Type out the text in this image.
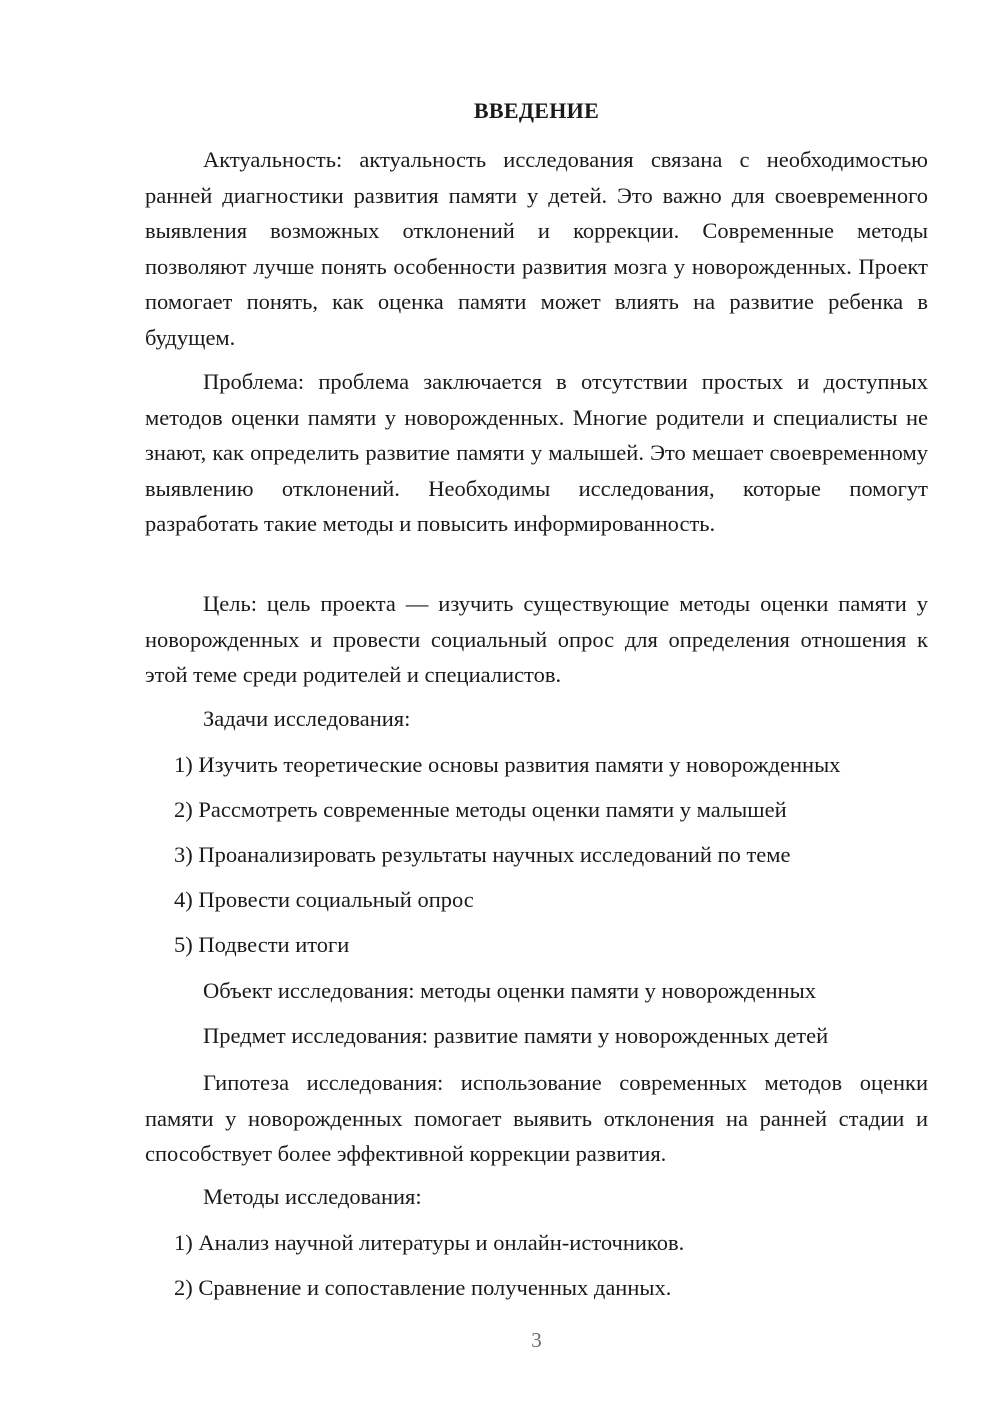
ВВЕДЕНИЕ

Актуальность: актуальность исследования связана с необходимостью ранней диагностики развития памяти у детей. Это важно для своевременного выявления возможных отклонений и коррекции. Современные методы позволяют лучше понять особенности развития мозга у новорожденных. Проект помогает понять, как оценка памяти может влиять на развитие ребенка в будущем.

Проблема: проблема заключается в отсутствии простых и доступных методов оценки памяти у новорожденных. Многие родители и специалисты не знают, как определить развитие памяти у малышей. Это мешает своевременному выявлению отклонений. Необходимы исследования, которые помогут разработать такие методы и повысить информированность.

Цель: цель проекта — изучить существующие методы оценки памяти у новорожденных и провести социальный опрос для определения отношения к этой теме среди родителей и специалистов.

Задачи исследования:

1) Изучить теоретические основы развития памяти у новорожденных

2) Рассмотреть современные методы оценки памяти у малышей

3) Проанализировать результаты научных исследований по теме

4) Провести социальный опрос

5) Подвести итоги

Объект исследования: методы оценки памяти у новорожденных

Предмет исследования: развитие памяти у новорожденных детей

Гипотеза исследования: использование современных методов оценки памяти у новорожденных помогает выявить отклонения на ранней стадии и способствует более эффективной коррекции развития.

Методы исследования:

1) Анализ научной литературы и онлайн-источников.

2) Сравнение и сопоставление полученных данных.

3
